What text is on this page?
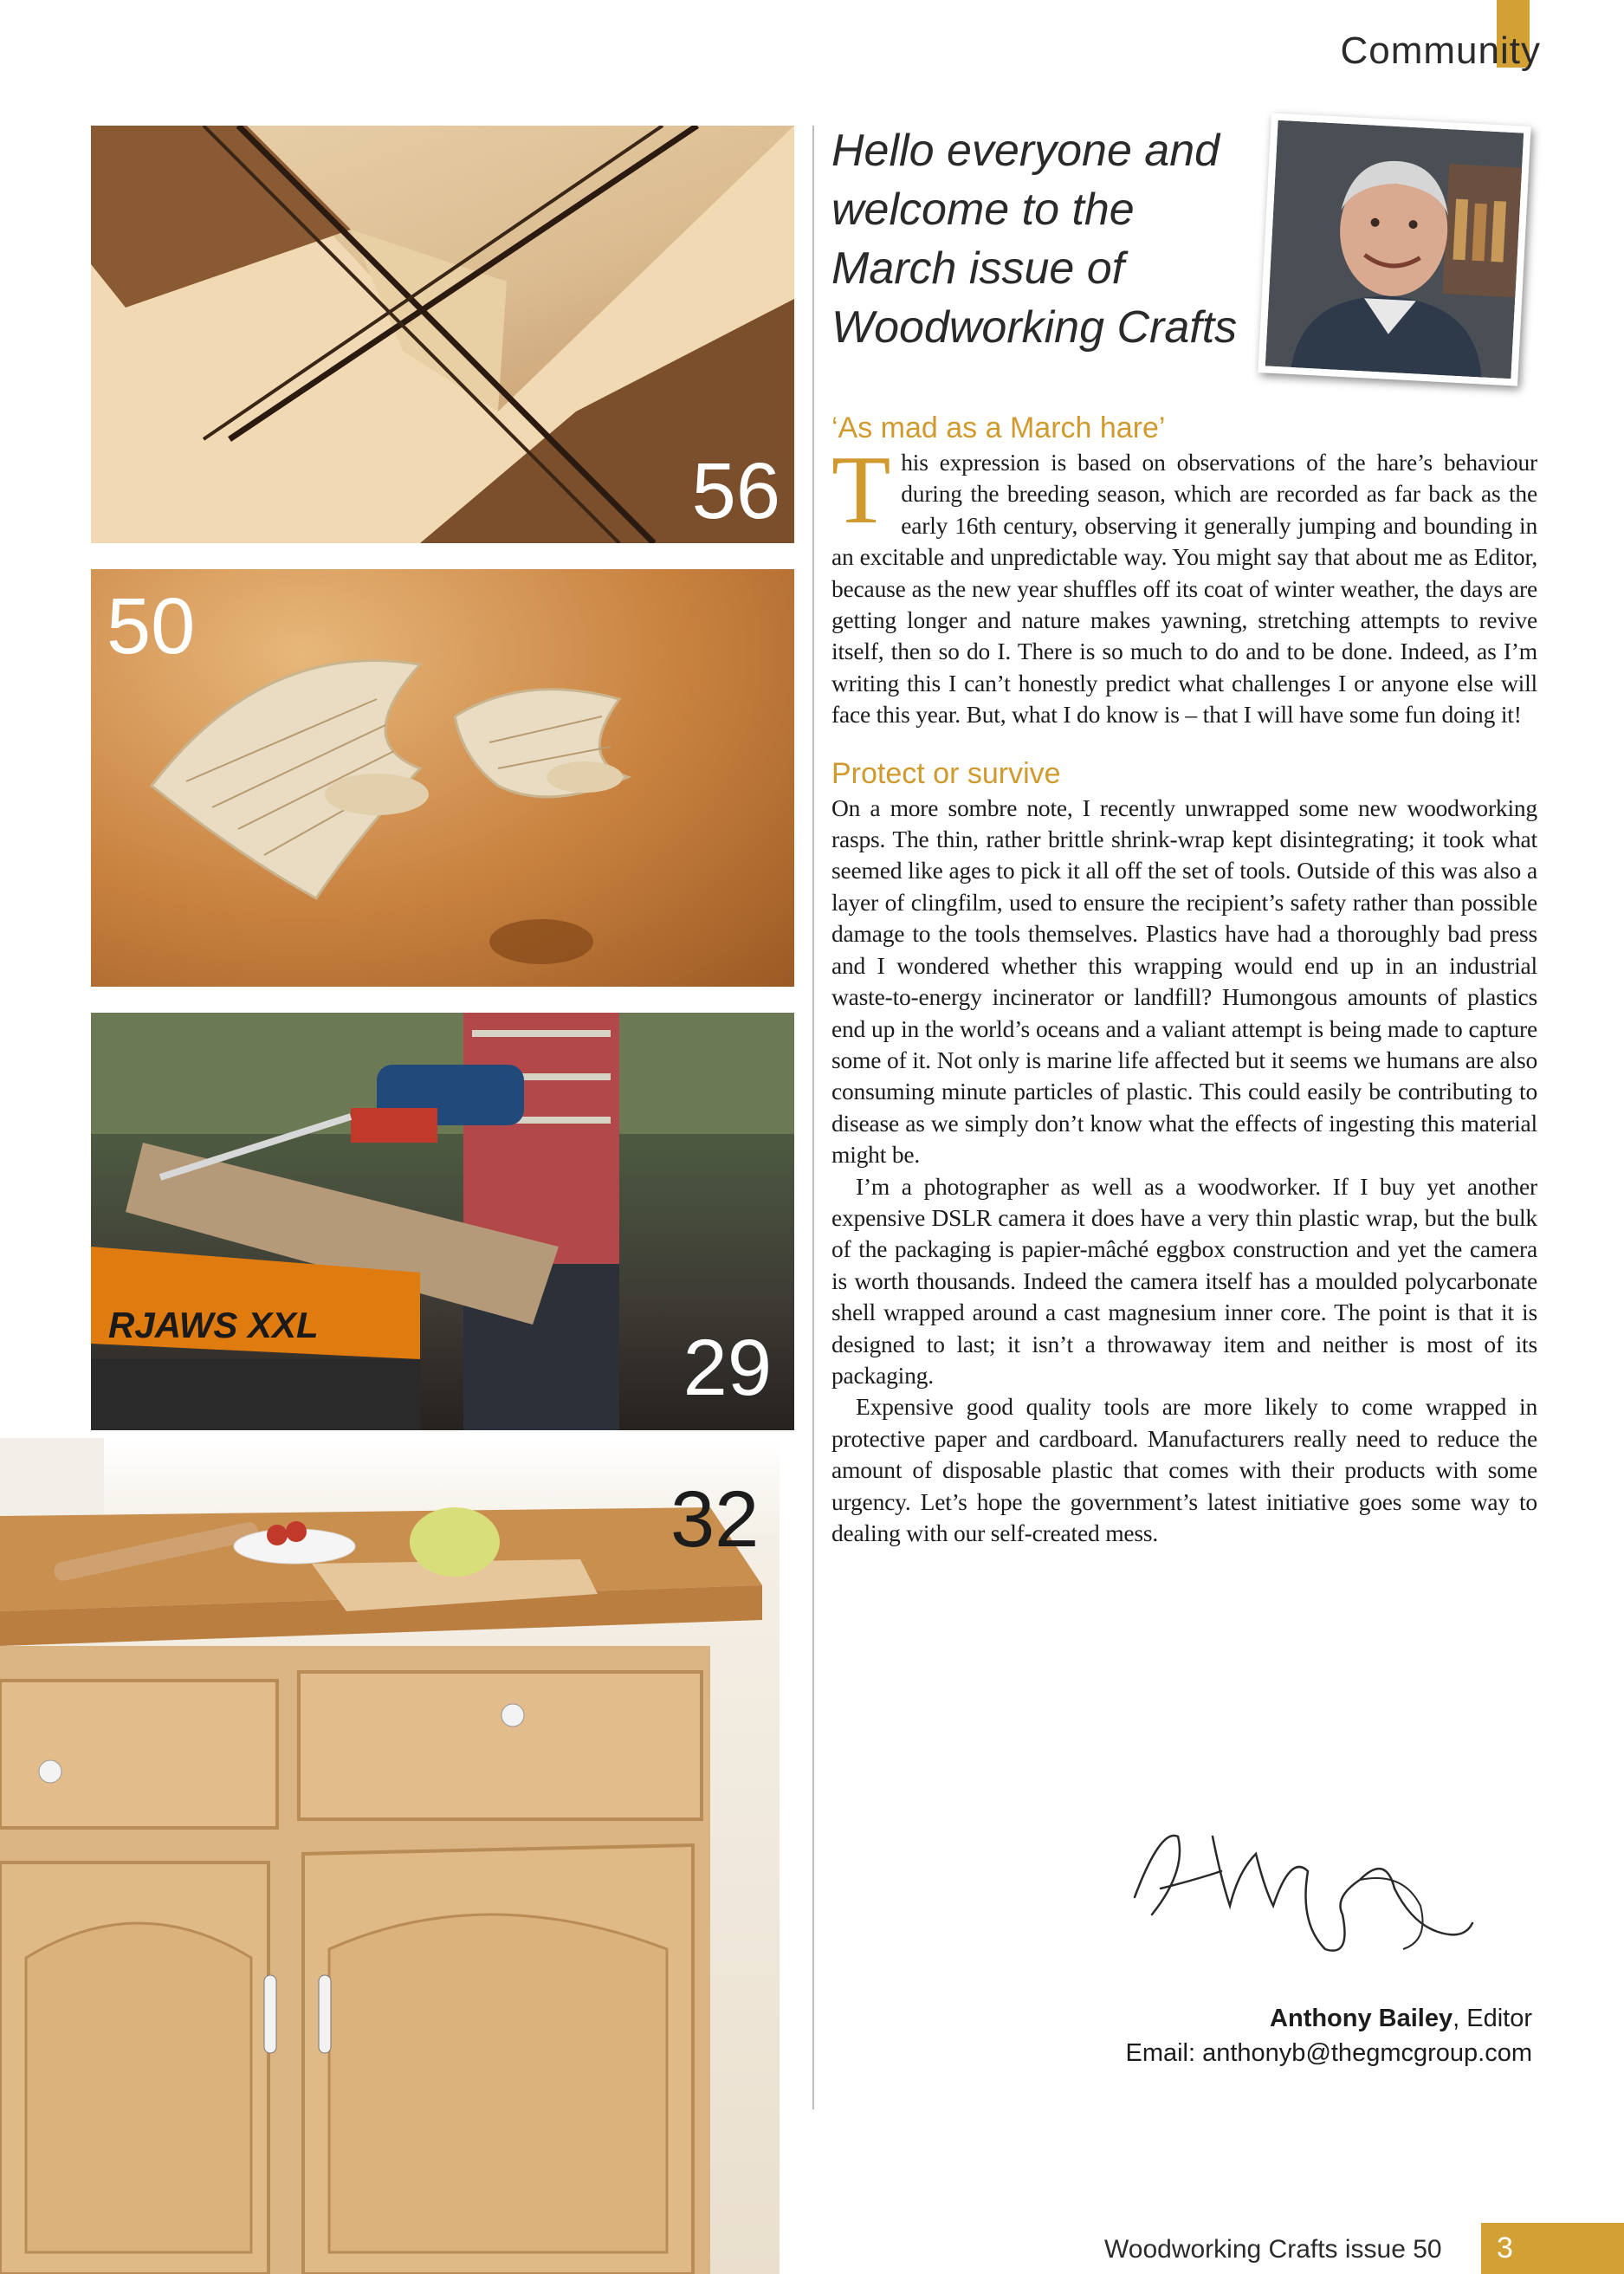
Community
56
50
RJAWS XXL	29
32
Hello everyone and welcome to the March issue of Woodworking Crafts
‘As mad as a March hare’

This expression is based on observations of the hare’s behaviour during the breeding season, which are recorded as far back as the early 16th century, observing it generally jumping and bounding in an excitable and unpredictable way. You might say that about me as Editor, because as the new year shuffles off its coat of winter weather, the days are getting longer and nature makes yawning, stretching attempts to revive itself, then so do I. There is so much to do and to be done. Indeed, as I’m writing this I can’t honestly predict what challenges I or anyone else will face this year. But, what I do know is – that I will have some fun doing it!

Protect or survive

On a more sombre note, I recently unwrapped some new woodworking rasps. The thin, rather brittle shrink-wrap kept disintegrating; it took what seemed like ages to pick it all off the set of tools. Outside of this was also a layer of clingfilm, used to ensure the recipient’s safety rather than possible damage to the tools themselves. Plastics have had a thoroughly bad press and I wondered whether this wrapping would end up in an industrial waste-to-energy incinerator or landfill? Humongous amounts of plastics end up in the world’s oceans and a valiant attempt is being made to capture some of it. Not only is marine life affected but it seems we humans are also consuming minute particles of plastic. This could easily be contributing to disease as we simply don’t know what the effects of ingesting this material might be.

I’m a photographer as well as a woodworker. If I buy yet another expensive DSLR camera it does have a very thin plastic wrap, but the bulk of the packaging is papier-mâché eggbox construction and yet the camera is worth thousands. Indeed the camera itself has a moulded polycarbonate shell wrapped around a cast magnesium inner core. The point is that it is designed to last; it isn’t a throwaway item and neither is most of its packaging.

Expensive good quality tools are more likely to come wrapped in protective paper and cardboard. Manufacturers really need to reduce the amount of disposable plastic that comes with their products with some urgency. Let’s hope the government’s latest initiative goes some way to dealing with our self-created mess.

Anthony Bailey, Editor
Email: anthonyb@thegmcgroup.com
Woodworking Crafts issue 50 3
